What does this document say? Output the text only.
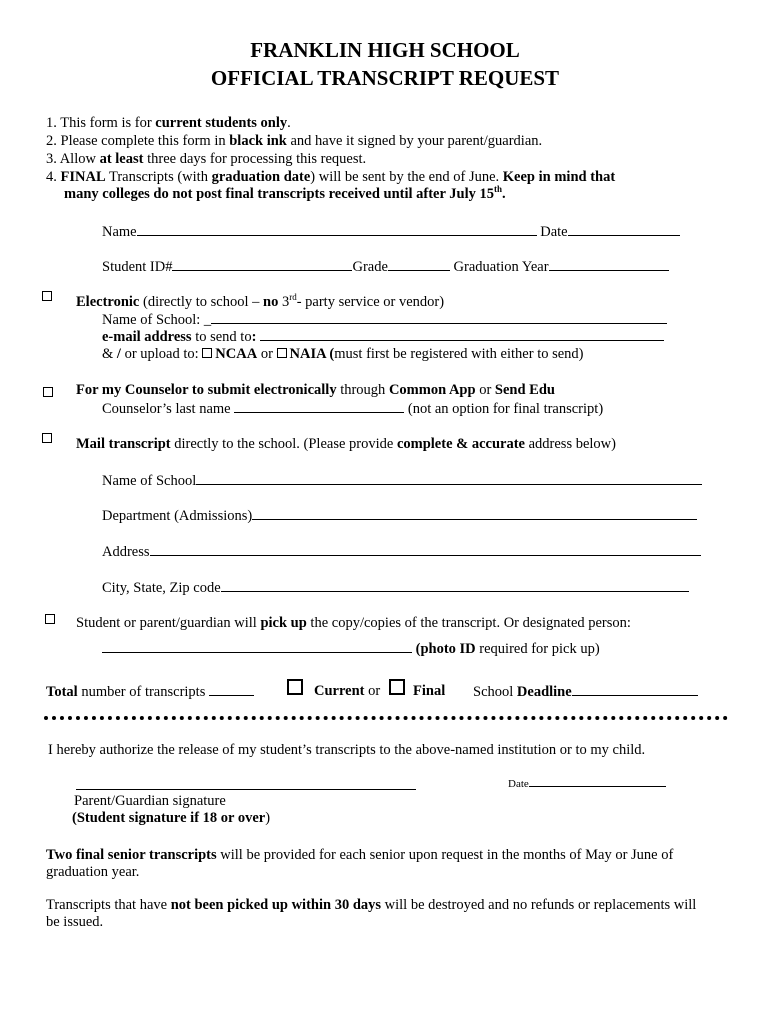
FRANKLIN HIGH SCHOOL
OFFICIAL TRANSCRIPT REQUEST
1. This form is for current students only.
2. Please complete this form in black ink and have it signed by your parent/guardian.
3. Allow at least three days for processing this request.
4. FINAL Transcripts (with graduation date) will be sent by the end of June. Keep in mind that
many colleges do not post final transcripts received until after July 15th.
Name	Date
Student ID#	Grade	Graduation Year
Electronic (directly to school – no 3rd- party service or vendor)
Name of School: _
e-mail address to send to:
& / or upload to: NCAA or NAIA (must first be registered with either to send)
For my Counselor to submit electronically through Common App or Send Edu
Counselor’s last name	(not an option for final transcript)
Mail transcript directly to the school. (Please provide complete & accurate address below)
Name of School
Department (Admissions)
Address
City, State, Zip code
Student or parent/guardian will pick up the copy/copies of the transcript. Or designated person:
(photo ID required for pick up)
Total number of transcripts	Current or Final School Deadline
I hereby authorize the release of my student’s transcripts to the above-named institution or to my child.
Date
Parent/Guardian signature
(Student signature if 18 or over)
Two final senior transcripts will be provided for each senior upon request in the months of May or June of
graduation year.
Transcripts that have not been picked up within 30 days will be destroyed and no refunds or replacements will
be issued.
